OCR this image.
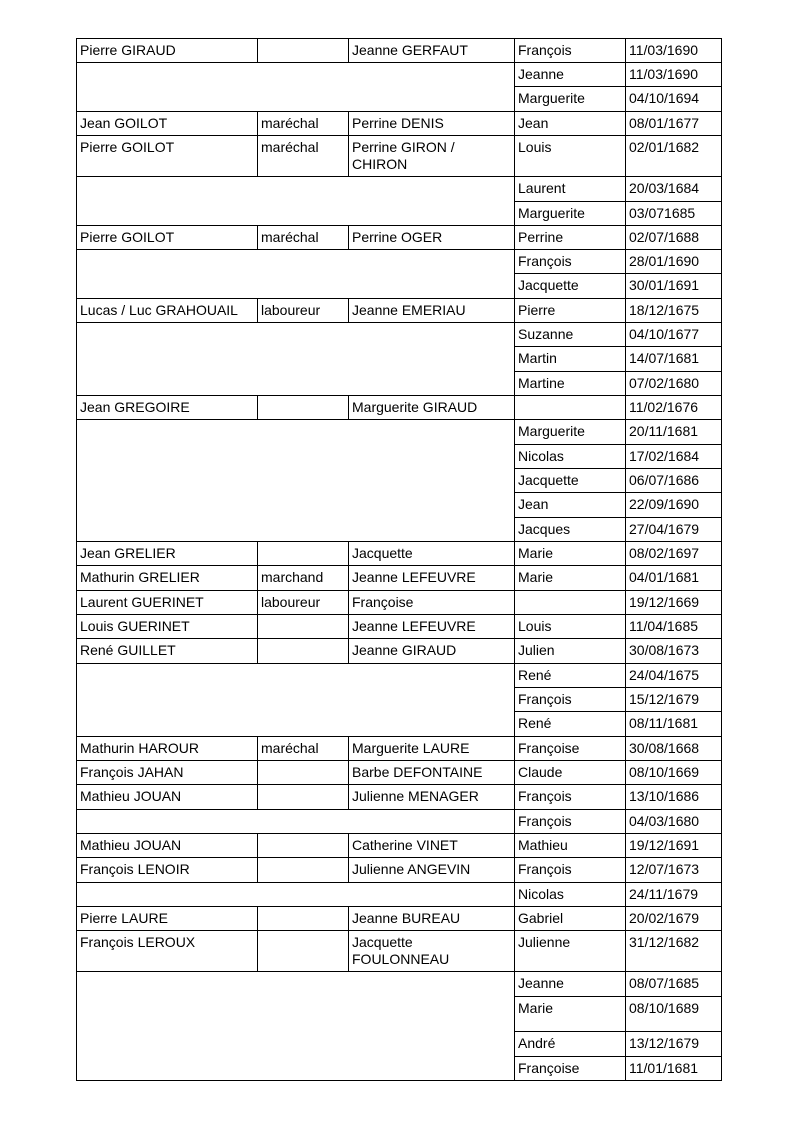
Pierre GIRAUD		Jeanne GERFAUT	François	11/03/1690
			Jeanne	11/03/1690
			Marguerite	04/10/1694
Jean GOILOT	maréchal	Perrine DENIS	Jean	08/01/1677
Pierre GOILOT	maréchal	Perrine GIRON / CHIRON	Louis	02/01/1682
			Laurent	20/03/1684
			Marguerite	03/071685
Pierre GOILOT	maréchal	Perrine OGER	Perrine	02/07/1688
			François	28/01/1690
			Jacquette	30/01/1691
Lucas / Luc GRAHOUAIL	laboureur	Jeanne EMERIAU	Pierre	18/12/1675
			Suzanne	04/10/1677
			Martin	14/07/1681
			Martine	07/02/1680
Jean GREGOIRE		Marguerite GIRAUD		11/02/1676
			Marguerite	20/11/1681
			Nicolas	17/02/1684
			Jacquette	06/07/1686
			Jean	22/09/1690
			Jacques	27/04/1679
Jean GRELIER		Jacquette	Marie	08/02/1697
Mathurin GRELIER	marchand	Jeanne LEFEUVRE	Marie	04/01/1681
Laurent GUERINET	laboureur	Françoise		19/12/1669
Louis GUERINET		Jeanne LEFEUVRE	Louis	11/04/1685
René GUILLET		Jeanne GIRAUD	Julien	30/08/1673
			René	24/04/1675
			François	15/12/1679
			René	08/11/1681
Mathurin HAROUR	maréchal	Marguerite LAURE	Françoise	30/08/1668
François JAHAN		Barbe DEFONTAINE	Claude	08/10/1669
Mathieu JOUAN		Julienne MENAGER	François	13/10/1686
			François	04/03/1680
Mathieu JOUAN		Catherine VINET	Mathieu	19/12/1691
François LENOIR		Julienne ANGEVIN	François	12/07/1673
			Nicolas	24/11/1679
Pierre LAURE		Jeanne BUREAU	Gabriel	20/02/1679
François LEROUX		Jacquette FOULONNEAU	Julienne	31/12/1682
			Jeanne	08/07/1685
			Marie	08/10/1689
			André	13/12/1679
			Françoise	11/01/1681
